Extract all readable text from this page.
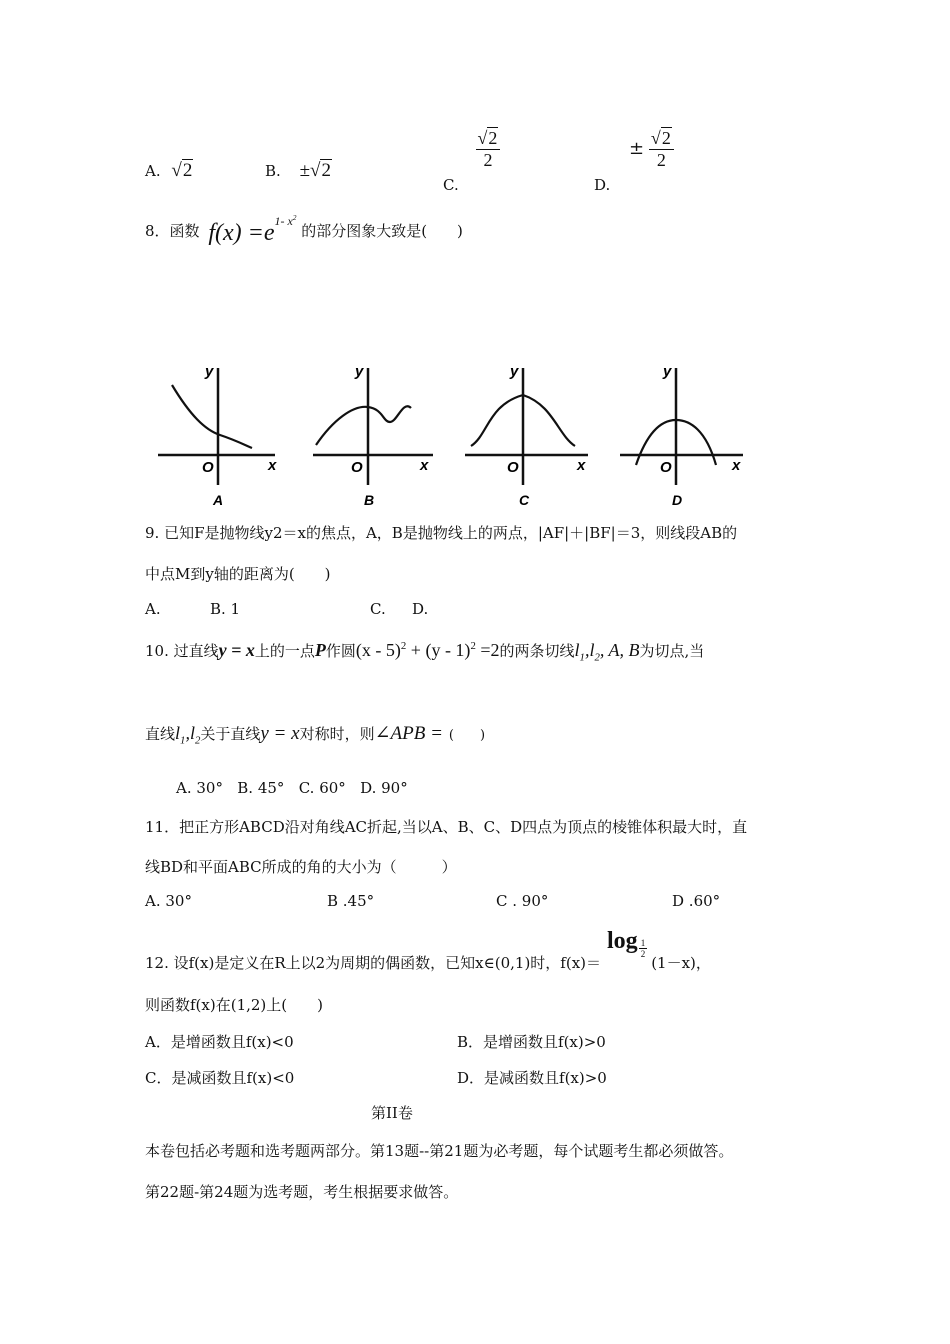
A. √2	B. ±√2
C.
$\frac{√2}{2}$
D. ± $\frac{√2}{2}$
8．函数 $f(x) =e^{1- x^2}$ 的部分图象大致是(　　)
y
x
O
A
y
x
O
B
y
x
O
C
y
x
O
D
9. 已知F是抛物线y2＝x的焦点，A，B是抛物线上的两点，|AF|＋|BF|＝3，则线段AB的
中点M到y轴的距离为(　　)
A.	B. 1	C. D.
10. 过直线y = x上的一点P作圆(x - 5)$^2$ + (y - 1)$^2$ =2的两条切线$l_1,l_2$, A, B为切点,当
直线$l_1,l_2$关于直线y = x对称时，则∠APB = (　　)
A. 30°   B. 45°   C. 60°   D. 90°
11．把正方形ABCD沿对角线AC折起,当以A、B、C、D四点为顶点的棱锥体积最大时，直
线BD和平面ABC所成的角的大小为（　　　）
A. 30°	B .45°	C . 90°	D .60°
12. 设f(x)是定义在R上以2为周期的偶函数，已知x∈(0,1)时，$f(x)=\log \frac{1}{2}$
(1－x)，
则函数f(x)在(1,2)上(　　)
A．是增函数且f(x)<0	B．是增函数且f(x)>0
C．是减函数且f(x)<0	D．是减函数且f(x)>0
第II卷
本卷包括必考题和选考题两部分。第13题--第21题为必考题，每个试题考生都必须做答。
第22题-第24题为选考题，考生根据要求做答。
